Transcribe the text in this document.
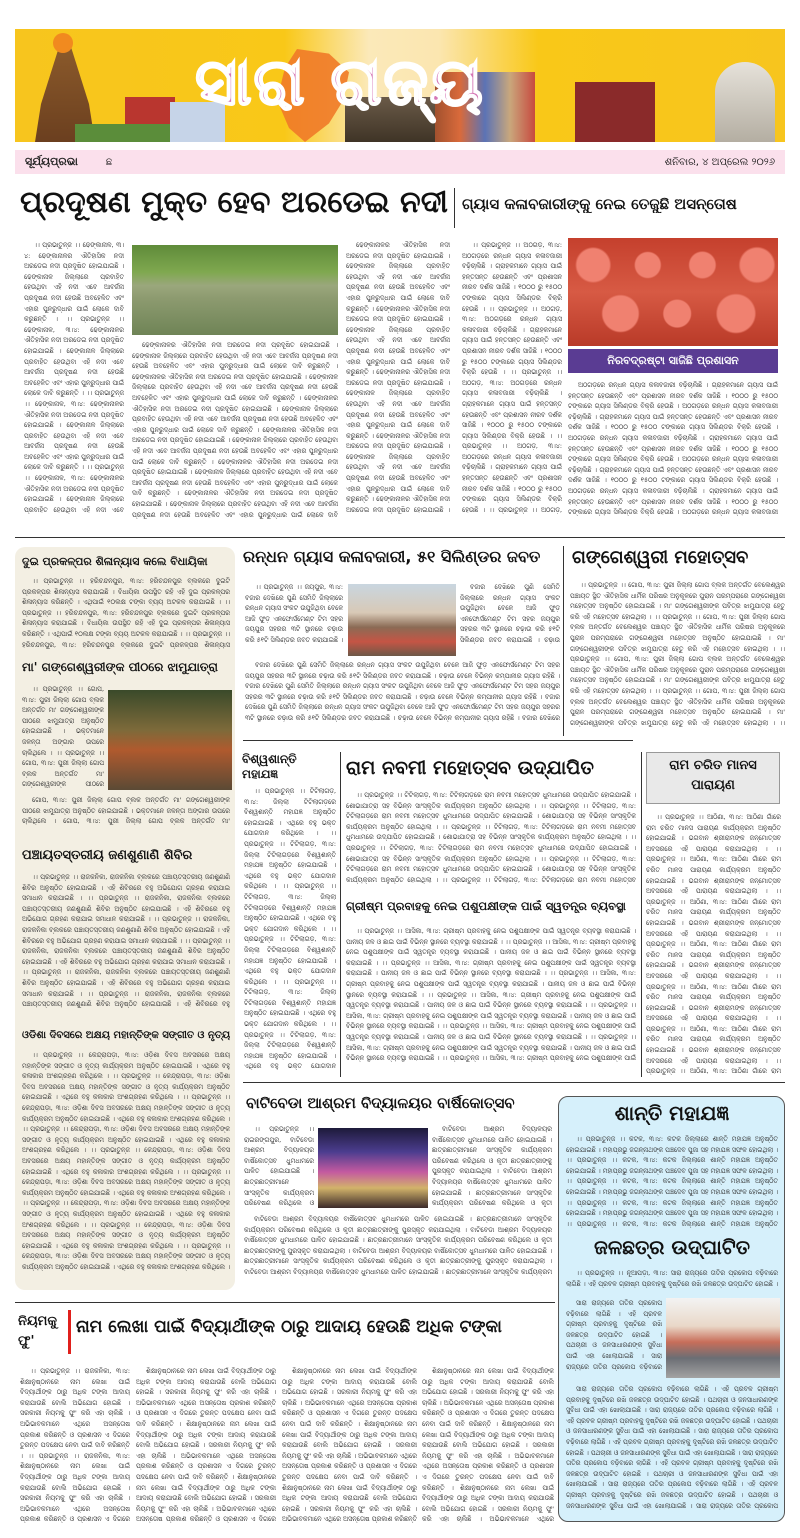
ସାରା ରାଜ୍ୟ
ସୂର୍ଯ୍ୟପ୍ରଭା	ଛ	ଶନିବାର, ୪ ଅପ୍ରେଲ ୨୦୨୬
ପ୍ରଦୂଷଣ ମୁକ୍ତ ହେବ ଅରଡେଇ ନଦୀ

।। ପ୍ରଭାତୁନ୍ଜ ।। ଢେଙ୍କାନାଳ, ୩।୪: ଢେଙ୍କାନାଳର ଐତିହାସିକ ନଦୀ ଅରଡେଇ ନଦୀ ପ୍ରଦୂଷିତ ହୋଇଯାଇଛି । ଢେଙ୍କାନାଳ ଜିଲ୍ଲାରେ ପ୍ରବାହିତ ହେଉଥିବା ଏହି ନଦୀ ଏବେ ଆବର୍ଜନା ପ୍ରଦୂଷଣ ନଦୀ ହେଉଛି ଅବହେଳିତ ଏବଂ ଏହାର ପୁନରୁଦ୍ଧାର ପାଇଁ ଲୋକେ ଦାବି କରୁଛନ୍ତି । ।। ପ୍ରଭାତୁନ୍ଜ ।। ଢେଙ୍କାନାଳ, ୩।୪: ଢେଙ୍କାନାଳର ଐତିହାସିକ ନଦୀ ଅରଡେଇ ନଦୀ ପ୍ରଦୂଷିତ ହୋଇଯାଇଛି । ଢେଙ୍କାନାଳ ଜିଲ୍ଲାରେ ପ୍ରବାହିତ ହେଉଥିବା ଏହି ନଦୀ ଏବେ ଆବର୍ଜନା ପ୍ରଦୂଷଣ ନଦୀ ହେଉଛି ଅବହେଳିତ ଏବଂ ଏହାର ପୁନରୁଦ୍ଧାର ପାଇଁ ଲୋକେ ଦାବି କରୁଛନ୍ତି । ।। ପ୍ରଭାତୁନ୍ଜ ।। ଢେଙ୍କାନାଳ, ୩।୪: ଢେଙ୍କାନାଳର ଐତିହାସିକ ନଦୀ ଅରଡେଇ ନଦୀ ପ୍ରଦୂଷିତ ହୋଇଯାଇଛି । ଢେଙ୍କାନାଳ ଜିଲ୍ଲାରେ ପ୍ରବାହିତ ହେଉଥିବା ଏହି ନଦୀ ଏବେ ଆବର୍ଜନା ପ୍ରଦୂଷଣ ନଦୀ ହେଉଛି ଅବହେଳିତ ଏବଂ ଏହାର ପୁନରୁଦ୍ଧାର ପାଇଁ ଲୋକେ ଦାବି କରୁଛନ୍ତି । ।। ପ୍ରଭାତୁନ୍ଜ ।। ଢେଙ୍କାନାଳ, ୩।୪: ଢେଙ୍କାନାଳର ଐତିହାସିକ ନଦୀ ଅରଡେଇ ନଦୀ ପ୍ରଦୂଷିତ ହୋଇଯାଇଛି । ଢେଙ୍କାନାଳ ଜିଲ୍ଲାରେ ପ୍ରବାହିତ ହେଉଥିବା ଏହି ନଦୀ ଏବେ

ଢେଙ୍କାନାଳର ଐତିହାସିକ ନଦୀ ଅରଡେଇ ନଦୀ ପ୍ରଦୂଷିତ ହୋଇଯାଇଛି । ଢେଙ୍କାନାଳ ଜିଲ୍ଲାରେ ପ୍ରବାହିତ ହେଉଥିବା ଏହି ନଦୀ ଏବେ ଆବର୍ଜନା ପ୍ରଦୂଷଣ ନଦୀ ହେଉଛି ଅବହେଳିତ ଏବଂ ଏହାର ପୁନରୁଦ୍ଧାର ପାଇଁ ଲୋକେ ଦାବି କରୁଛନ୍ତି । ଢେଙ୍କାନାଳର ଐତିହାସିକ ନଦୀ ଅରଡେଇ ନଦୀ ପ୍ରଦୂଷିତ ହୋଇଯାଇଛି । ଢେଙ୍କାନାଳ ଜିଲ୍ଲାରେ ପ୍ରବାହିତ ହେଉଥିବା ଏହି ନଦୀ ଏବେ ଆବର୍ଜନା ପ୍ରଦୂଷଣ ନଦୀ ହେଉଛି ଅବହେଳିତ ଏବଂ ଏହାର ପୁନରୁଦ୍ଧାର ପାଇଁ ଲୋକେ ଦାବି କରୁଛନ୍ତି । ଢେଙ୍କାନାଳର ଐତିହାସିକ ନଦୀ ଅରଡେଇ ନଦୀ ପ୍ରଦୂଷିତ ହୋଇଯାଇଛି । ଢେଙ୍କାନାଳ ଜିଲ୍ଲାରେ ପ୍ରବାହିତ ହେଉଥିବା ଏହି ନଦୀ ଏବେ ଆବର୍ଜନା ପ୍ରଦୂଷଣ ନଦୀ ହେଉଛି ଅବହେଳିତ ଏବଂ ଏହାର ପୁନରୁଦ୍ଧାର ପାଇଁ ଲୋକେ ଦାବି କରୁଛନ୍ତି । ଢେଙ୍କାନାଳର ଐତିହାସିକ ନଦୀ ଅରଡେଇ ନଦୀ ପ୍ରଦୂଷିତ ହୋଇଯାଇଛି । ଢେଙ୍କାନାଳ ଜିଲ୍ଲାରେ ପ୍ରବାହିତ ହେଉଥିବା ଏହି ନଦୀ ଏବେ ଆବର୍ଜନା ପ୍ରଦୂଷଣ ନଦୀ ହେଉଛି ଅବହେଳିତ ଏବଂ ଏହାର ପୁନରୁଦ୍ଧାର ପାଇଁ ଲୋକେ ଦାବି କରୁଛନ୍ତି । ଢେଙ୍କାନାଳର ଐତିହାସିକ ନଦୀ ଅରଡେଇ ନଦୀ ପ୍ରଦୂଷିତ ହୋଇଯାଇଛି । ଢେଙ୍କାନାଳ ଜିଲ୍ଲାରେ ପ୍ରବାହିତ ହେଉଥିବା ଏହି ନଦୀ ଏବେ ଆବର୍ଜନା ପ୍ରଦୂଷଣ ନଦୀ ହେଉଛି ଅବହେଳିତ ଏବଂ ଏହାର ପୁନରୁଦ୍ଧାର ପାଇଁ ଲୋକେ ଦାବି କରୁଛନ୍ତି । ଢେଙ୍କାନାଳର ଐତିହାସିକ ନଦୀ ଅରଡେଇ ନଦୀ ପ୍ରଦୂଷିତ ହୋଇଯାଇଛି । ଢେଙ୍କାନାଳ ଜିଲ୍ଲାରେ ପ୍ରବାହିତ ହେଉଥିବା ଏହି ନଦୀ ଏବେ ଆବର୍ଜନା ପ୍ରଦୂଷଣ ନଦୀ ହେଉଛି ଅବହେଳିତ ଏବଂ ଏହାର ପୁନରୁଦ୍ଧାର ପାଇଁ ଲୋକେ ଦାବି

ଢେଙ୍କାନାଳର ଐତିହାସିକ ନଦୀ ଅରଡେଇ ନଦୀ ପ୍ରଦୂଷିତ ହୋଇଯାଇଛି । ଢେଙ୍କାନାଳ ଜିଲ୍ଲାରେ ପ୍ରବାହିତ ହେଉଥିବା ଏହି ନଦୀ ଏବେ ଆବର୍ଜନା ପ୍ରଦୂଷଣ ନଦୀ ହେଉଛି ଅବହେଳିତ ଏବଂ ଏହାର ପୁନରୁଦ୍ଧାର ପାଇଁ ଲୋକେ ଦାବି କରୁଛନ୍ତି । ଢେଙ୍କାନାଳର ଐତିହାସିକ ନଦୀ ଅରଡେଇ ନଦୀ ପ୍ରଦୂଷିତ ହୋଇଯାଇଛି । ଢେଙ୍କାନାଳ ଜିଲ୍ଲାରେ ପ୍ରବାହିତ ହେଉଥିବା ଏହି ନଦୀ ଏବେ ଆବର୍ଜନା ପ୍ରଦୂଷଣ ନଦୀ ହେଉଛି ଅବହେଳିତ ଏବଂ ଏହାର ପୁନରୁଦ୍ଧାର ପାଇଁ ଲୋକେ ଦାବି କରୁଛନ୍ତି । ଢେଙ୍କାନାଳର ଐତିହାସିକ ନଦୀ ଅରଡେଇ ନଦୀ ପ୍ରଦୂଷିତ ହୋଇଯାଇଛି । ଢେଙ୍କାନାଳ ଜିଲ୍ଲାରେ ପ୍ରବାହିତ ହେଉଥିବା ଏହି ନଦୀ ଏବେ ଆବର୍ଜନା ପ୍ରଦୂଷଣ ନଦୀ ହେଉଛି ଅବହେଳିତ ଏବଂ ଏହାର ପୁନରୁଦ୍ଧାର ପାଇଁ ଲୋକେ ଦାବି କରୁଛନ୍ତି । ଢେଙ୍କାନାଳର ଐତିହାସିକ ନଦୀ ଅରଡେଇ ନଦୀ ପ୍ରଦୂଷିତ ହୋଇଯାଇଛି । ଢେଙ୍କାନାଳ ଜିଲ୍ଲାରେ ପ୍ରବାହିତ ହେଉଥିବା ଏହି ନଦୀ ଏବେ ଆବର୍ଜନା ପ୍ରଦୂଷଣ ନଦୀ ହେଉଛି ଅବହେଳିତ ଏବଂ ଏହାର ପୁନରୁଦ୍ଧାର ପାଇଁ ଲୋକେ ଦାବି କରୁଛନ୍ତି । ଢେଙ୍କାନାଳର ଐତିହାସିକ ନଦୀ ଅରଡେଇ ନଦୀ ପ୍ରଦୂଷିତ ହୋଇଯାଇଛି ।

ଗ୍ୟାସ କଳାବଜାରୀଙ୍କୁ ନେଇ ତେଜୁଛି ଅସନ୍ତୋଷ

।। ପ୍ରଭାତୁନ୍ଜ ।। ଅଠଗଡ଼, ୩।୪: ଅଠଗଡ଼ରେ ରନ୍ଧନ ଗ୍ୟାସ କଳାବଜାରୀ ବଢ଼ିଚାଲିଛି । ଗ୍ରାହକମାନେ ଗ୍ୟାସ ପାଇଁ ହନ୍ତସନ୍ତ ହେଉଛନ୍ତି ଏବଂ ପ୍ରଶାସନ ନୀରବ ଦର୍ଶକ ସାଜିଛି । ୧୦୦୦ ରୁ ୧୫୦୦ ଟଙ୍କାରେ ଗ୍ୟାସ ସିଲିଣ୍ଡର ବିକ୍ରି ହେଉଛି । ।। ପ୍ରଭାତୁନ୍ଜ ।। ଅଠଗଡ଼, ୩।୪: ଅଠଗଡ଼ରେ ରନ୍ଧନ ଗ୍ୟାସ କଳାବଜାରୀ ବଢ଼ିଚାଲିଛି । ଗ୍ରାହକମାନେ ଗ୍ୟାସ ପାଇଁ ହନ୍ତସନ୍ତ ହେଉଛନ୍ତି ଏବଂ ପ୍ରଶାସନ ନୀରବ ଦର୍ଶକ ସାଜିଛି । ୧୦୦୦ ରୁ ୧୫୦୦ ଟଙ୍କାରେ ଗ୍ୟାସ ସିଲିଣ୍ଡର ବିକ୍ରି ହେଉଛି । ।। ପ୍ରଭାତୁନ୍ଜ ।। ଅଠଗଡ଼, ୩।୪: ଅଠଗଡ଼ରେ ରନ୍ଧନ ଗ୍ୟାସ କଳାବଜାରୀ ବଢ଼ିଚାଲିଛି । ଗ୍ରାହକମାନେ ଗ୍ୟାସ ପାଇଁ ହନ୍ତସନ୍ତ ହେଉଛନ୍ତି ଏବଂ ପ୍ରଶାସନ ନୀରବ ଦର୍ଶକ ସାଜିଛି । ୧୦୦୦ ରୁ ୧୫୦୦ ଟଙ୍କାରେ ଗ୍ୟାସ ସିଲିଣ୍ଡର ବିକ୍ରି ହେଉଛି । ।। ପ୍ରଭାତୁନ୍ଜ ।। ଅଠଗଡ଼, ୩।୪: ଅଠଗଡ଼ରେ ରନ୍ଧନ ଗ୍ୟାସ କଳାବଜାରୀ ବଢ଼ିଚାଲିଛି । ଗ୍ରାହକମାନେ ଗ୍ୟାସ ପାଇଁ ହନ୍ତସନ୍ତ ହେଉଛନ୍ତି ଏବଂ ପ୍ରଶାସନ ନୀରବ ଦର୍ଶକ ସାଜିଛି । ୧୦୦୦ ରୁ ୧୫୦୦ ଟଙ୍କାରେ ଗ୍ୟାସ ସିଲିଣ୍ଡର ବିକ୍ରି ହେଉଛି । ।। ପ୍ରଭାତୁନ୍ଜ ।। ଅଠଗଡ଼,

ନିରବଦ୍ରଷ୍ଟା ସାଜିଛି ପ୍ରଶାସନ

ଅଠଗଡ଼ରେ ରନ୍ଧନ ଗ୍ୟାସ କଳାବଜାରୀ ବଢ଼ିଚାଲିଛି । ଗ୍ରାହକମାନେ ଗ୍ୟାସ ପାଇଁ ହନ୍ତସନ୍ତ ହେଉଛନ୍ତି ଏବଂ ପ୍ରଶାସନ ନୀରବ ଦର୍ଶକ ସାଜିଛି । ୧୦୦୦ ରୁ ୧୫୦୦ ଟଙ୍କାରେ ଗ୍ୟାସ ସିଲିଣ୍ଡର ବିକ୍ରି ହେଉଛି । ଅଠଗଡ଼ରେ ରନ୍ଧନ ଗ୍ୟାସ କଳାବଜାରୀ ବଢ଼ିଚାଲିଛି । ଗ୍ରାହକମାନେ ଗ୍ୟାସ ପାଇଁ ହନ୍ତସନ୍ତ ହେଉଛନ୍ତି ଏବଂ ପ୍ରଶାସନ ନୀରବ ଦର୍ଶକ ସାଜିଛି । ୧୦୦୦ ରୁ ୧୫୦୦ ଟଙ୍କାରେ ଗ୍ୟାସ ସିଲିଣ୍ଡର ବିକ୍ରି ହେଉଛି । ଅଠଗଡ଼ରେ ରନ୍ଧନ ଗ୍ୟାସ କଳାବଜାରୀ ବଢ଼ିଚାଲିଛି । ଗ୍ରାହକମାନେ ଗ୍ୟାସ ପାଇଁ ହନ୍ତସନ୍ତ ହେଉଛନ୍ତି ଏବଂ ପ୍ରଶାସନ ନୀରବ ଦର୍ଶକ ସାଜିଛି । ୧୦୦୦ ରୁ ୧୫୦୦ ଟଙ୍କାରେ ଗ୍ୟାସ ସିଲିଣ୍ଡର ବିକ୍ରି ହେଉଛି । ଅଠଗଡ଼ରେ ରନ୍ଧନ ଗ୍ୟାସ କଳାବଜାରୀ ବଢ଼ିଚାଲିଛି । ଗ୍ରାହକମାନେ ଗ୍ୟାସ ପାଇଁ ହନ୍ତସନ୍ତ ହେଉଛନ୍ତି ଏବଂ ପ୍ରଶାସନ ନୀରବ ଦର୍ଶକ ସାଜିଛି । ୧୦୦୦ ରୁ ୧୫୦୦ ଟଙ୍କାରେ ଗ୍ୟାସ ସିଲିଣ୍ଡର ବିକ୍ରି ହେଉଛି । ଅଠଗଡ଼ରେ ରନ୍ଧନ ଗ୍ୟାସ କଳାବଜାରୀ ବଢ଼ିଚାଲିଛି । ଗ୍ରାହକମାନେ ଗ୍ୟାସ ପାଇଁ ହନ୍ତସନ୍ତ ହେଉଛନ୍ତି ଏବଂ ପ୍ରଶାସନ ନୀରବ ଦର୍ଶକ ସାଜିଛି । ୧୦୦୦ ରୁ ୧୫୦୦ ଟଙ୍କାରେ ଗ୍ୟାସ ସିଲିଣ୍ଡର ବିକ୍ରି ହେଉଛି । ଅଠଗଡ଼ରେ ରନ୍ଧନ ଗ୍ୟାସ କଳାବଜାରୀ

ଦୁଇ ପ୍ରକଳ୍ପର ଶିଳାନ୍ୟାସ କଲେ ବିଧାୟିକା

।। ପ୍ରଭାତୁନ୍ଜ ।। ହରିଚନ୍ଦନପୁର, ୩।୪: ହରିଚନ୍ଦନପୁର ବ୍ଲକରେ ଦୁଇଟି ପ୍ରକଳ୍ପର ଶିଳାନ୍ୟାସ କରାଯାଇଛି । ବିଧାୟିକା ଉପସ୍ଥିତ ରହି ଏହି ଦୁଇ ପ୍ରକଳ୍ପର ଶିଳାନ୍ୟାସ କରିଛନ୍ତି । ଏଥିପାଇଁ ୧୦ଲକ୍ଷ ଟଙ୍କା ବ୍ୟୟ ଅଟକଳ କରାଯାଇଛି । ।। ପ୍ରଭାତୁନ୍ଜ ।। ହରିଚନ୍ଦନପୁର, ୩।୪: ହରିଚନ୍ଦନପୁର ବ୍ଲକରେ ଦୁଇଟି ପ୍ରକଳ୍ପର ଶିଳାନ୍ୟାସ କରାଯାଇଛି । ବିଧାୟିକା ଉପସ୍ଥିତ ରହି ଏହି ଦୁଇ ପ୍ରକଳ୍ପର ଶିଳାନ୍ୟାସ କରିଛନ୍ତି । ଏଥିପାଇଁ ୧୦ଲକ୍ଷ ଟଙ୍କା ବ୍ୟୟ ଅଟକଳ କରାଯାଇଛି । ।। ପ୍ରଭାତୁନ୍ଜ ।। ହରିଚନ୍ଦନପୁର, ୩।୪: ହରିଚନ୍ଦନପୁର ବ୍ଲକରେ ଦୁଇଟି ପ୍ରକଳ୍ପର ଶିଳାନ୍ୟାସ

ମା' ଗଙ୍ଗେଶ୍ୱରୀଙ୍କ ପୀଠରେ ଝାମୁଯାତ୍ରା

।। ପ୍ରଭାତୁନ୍ଜ ।। ଗୋପ, ୩।୪: ପୁରୀ ଜିଲ୍ଲା ଗୋପ ବ୍ଲକ ଅନ୍ତର୍ଗତ ମା' ଗଙ୍ଗେଶ୍ୱରୀଙ୍କ ପୀଠରେ ଝାମୁଯାତ୍ରା ଅନୁଷ୍ଠିତ ହୋଇଯାଇଛି । ଭକ୍ତମାନେ ଜଳନ୍ତା ଅଙ୍ଗାର ଉପରେ ଚାଲିଥିଲେ । ।। ପ୍ରଭାତୁନ୍ଜ ।। ଗୋପ, ୩।୪: ପୁରୀ ଜିଲ୍ଲା ଗୋପ ବ୍ଲକ ଅନ୍ତର୍ଗତ ମା' ଗଙ୍ଗେଶ୍ୱରୀଙ୍କ ପୀଠରେ

ଗୋପ, ୩।୪: ପୁରୀ ଜିଲ୍ଲା ଗୋପ ବ୍ଲକ ଅନ୍ତର୍ଗତ ମା' ଗଙ୍ଗେଶ୍ୱରୀଙ୍କ ପୀଠରେ ଝାମୁଯାତ୍ରା ଅନୁଷ୍ଠିତ ହୋଇଯାଇଛି । ଭକ୍ତମାନେ ଜଳନ୍ତା ଅଙ୍ଗାର ଉପରେ ଚାଲିଥିଲେ । ଗୋପ, ୩।୪: ପୁରୀ ଜିଲ୍ଲା ଗୋପ ବ୍ଲକ ଅନ୍ତର୍ଗତ ମା'

ପଞ୍ଚାୟତସ୍ତରୀୟ ଜଣଶୁଣାଣି ଶିବିର

।। ପ୍ରଭାତୁନ୍ଜ ।। ରାଜକନିକା, ରାଜକନିକା ବ୍ଲକରେ ପଞ୍ଚାୟତସ୍ତରୀୟ ଜଣଶୁଣାଣି ଶିବିର ଅନୁଷ୍ଠିତ ହୋଇଯାଇଛି । ଏହି ଶିବିରରେ ବହୁ ଅଭିଯୋଗ ଗ୍ରହଣ କରାଯାଇ ସମାଧାନ କରାଯାଇଛି । ।। ପ୍ରଭାତୁନ୍ଜ ।। ରାଜକନିକା, ରାଜକନିକା ବ୍ଲକରେ ପଞ୍ଚାୟତସ୍ତରୀୟ ଜଣଶୁଣାଣି ଶିବିର ଅନୁଷ୍ଠିତ ହୋଇଯାଇଛି । ଏହି ଶିବିରରେ ବହୁ ଅଭିଯୋଗ ଗ୍ରହଣ କରାଯାଇ ସମାଧାନ କରାଯାଇଛି । ।। ପ୍ରଭାତୁନ୍ଜ ।। ରାଜକନିକା, ରାଜକନିକା ବ୍ଲକରେ ପଞ୍ଚାୟତସ୍ତରୀୟ ଜଣଶୁଣାଣି ଶିବିର ଅନୁଷ୍ଠିତ ହୋଇଯାଇଛି । ଏହି ଶିବିରରେ ବହୁ ଅଭିଯୋଗ ଗ୍ରହଣ କରାଯାଇ ସମାଧାନ କରାଯାଇଛି । ।। ପ୍ରଭାତୁନ୍ଜ ।। ରାଜକନିକା, ରାଜକନିକା ବ୍ଲକରେ ପଞ୍ଚାୟତସ୍ତରୀୟ ଜଣଶୁଣାଣି ଶିବିର ଅନୁଷ୍ଠିତ ହୋଇଯାଇଛି । ଏହି ଶିବିରରେ ବହୁ ଅଭିଯୋଗ ଗ୍ରହଣ କରାଯାଇ ସମାଧାନ କରାଯାଇଛି । ।। ପ୍ରଭାତୁନ୍ଜ ।। ରାଜକନିକା, ରାଜକନିକା ବ୍ଲକରେ ପଞ୍ଚାୟତସ୍ତରୀୟ ଜଣଶୁଣାଣି ଶିବିର ଅନୁଷ୍ଠିତ ହୋଇଯାଇଛି । ଏହି ଶିବିରରେ ବହୁ ଅଭିଯୋଗ ଗ୍ରହଣ କରାଯାଇ ସମାଧାନ କରାଯାଇଛି । ।। ପ୍ରଭାତୁନ୍ଜ ।। ରାଜକନିକା, ରାଜକନିକା ବ୍ଲକରେ ପଞ୍ଚାୟତସ୍ତରୀୟ ଜଣଶୁଣାଣି ଶିବିର ଅନୁଷ୍ଠିତ ହୋଇଯାଇଛି । ଏହି ଶିବିରରେ ବହୁ

ଓଡିଶା ଦିବସରେ ଅକ୍ଷୟ ମହାନ୍ତିଙ୍କ ସଙ୍ଗୀତ ଓ ନୃତ୍ୟ

।। ପ୍ରଭାତୁନ୍ଜ ।। କେନ୍ଦ୍ରାପଡ଼ା, ୩।୪: ଓଡ଼ିଶା ଦିବସ ଅବସରରେ ଅକ୍ଷୟ ମହାନ୍ତିଙ୍କ ସଙ୍ଗୀତ ଓ ନୃତ୍ୟ କାର୍ଯ୍ୟକ୍ରମ ଅନୁଷ୍ଠିତ ହୋଇଯାଇଛି । ଏଥିରେ ବହୁ କଳାକାର ଅଂଶଗ୍ରହଣ କରିଥିଲେ । ।। ପ୍ରଭାତୁନ୍ଜ ।। କେନ୍ଦ୍ରାପଡ଼ା, ୩।୪: ଓଡ଼ିଶା ଦିବସ ଅବସରରେ ଅକ୍ଷୟ ମହାନ୍ତିଙ୍କ ସଙ୍ଗୀତ ଓ ନୃତ୍ୟ କାର୍ଯ୍ୟକ୍ରମ ଅନୁଷ୍ଠିତ ହୋଇଯାଇଛି । ଏଥିରେ ବହୁ କଳାକାର ଅଂଶଗ୍ରହଣ କରିଥିଲେ । ।। ପ୍ରଭାତୁନ୍ଜ ।। କେନ୍ଦ୍ରାପଡ଼ା, ୩।୪: ଓଡ଼ିଶା ଦିବସ ଅବସରରେ ଅକ୍ଷୟ ମହାନ୍ତିଙ୍କ ସଙ୍ଗୀତ ଓ ନୃତ୍ୟ କାର୍ଯ୍ୟକ୍ରମ ଅନୁଷ୍ଠିତ ହୋଇଯାଇଛି । ଏଥିରେ ବହୁ କଳାକାର ଅଂଶଗ୍ରହଣ କରିଥିଲେ । ।। ପ୍ରଭାତୁନ୍ଜ ।। କେନ୍ଦ୍ରାପଡ଼ା, ୩।୪: ଓଡ଼ିଶା ଦିବସ ଅବସରରେ ଅକ୍ଷୟ ମହାନ୍ତିଙ୍କ ସଙ୍ଗୀତ ଓ ନୃତ୍ୟ କାର୍ଯ୍ୟକ୍ରମ ଅନୁଷ୍ଠିତ ହୋଇଯାଇଛି । ଏଥିରେ ବହୁ କଳାକାର ଅଂଶଗ୍ରହଣ କରିଥିଲେ । ।। ପ୍ରଭାତୁନ୍ଜ ।। କେନ୍ଦ୍ରାପଡ଼ା, ୩।୪: ଓଡ଼ିଶା ଦିବସ ଅବସରରେ ଅକ୍ଷୟ ମହାନ୍ତିଙ୍କ ସଙ୍ଗୀତ ଓ ନୃତ୍ୟ କାର୍ଯ୍ୟକ୍ରମ ଅନୁଷ୍ଠିତ ହୋଇଯାଇଛି । ଏଥିରେ ବହୁ କଳାକାର ଅଂଶଗ୍ରହଣ କରିଥିଲେ । ।। ପ୍ରଭାତୁନ୍ଜ ।। କେନ୍ଦ୍ରାପଡ଼ା, ୩।୪: ଓଡ଼ିଶା ଦିବସ ଅବସରରେ ଅକ୍ଷୟ ମହାନ୍ତିଙ୍କ ସଙ୍ଗୀତ ଓ ନୃତ୍ୟ କାର୍ଯ୍ୟକ୍ରମ ଅନୁଷ୍ଠିତ ହୋଇଯାଇଛି । ଏଥିରେ ବହୁ କଳାକାର ଅଂଶଗ୍ରହଣ କରିଥିଲେ । ।। ପ୍ରଭାତୁନ୍ଜ ।। କେନ୍ଦ୍ରାପଡ଼ା, ୩।୪: ଓଡ଼ିଶା ଦିବସ ଅବସରରେ ଅକ୍ଷୟ ମହାନ୍ତିଙ୍କ ସଙ୍ଗୀତ ଓ ନୃତ୍ୟ କାର୍ଯ୍ୟକ୍ରମ ଅନୁଷ୍ଠିତ ହୋଇଯାଇଛି । ଏଥିରେ ବହୁ କଳାକାର ଅଂଶଗ୍ରହଣ କରିଥିଲେ । ।। ପ୍ରଭାତୁନ୍ଜ ।। କେନ୍ଦ୍ରାପଡ଼ା, ୩।୪: ଓଡ଼ିଶା ଦିବସ ଅବସରରେ ଅକ୍ଷୟ ମହାନ୍ତିଙ୍କ ସଙ୍ଗୀତ ଓ ନୃତ୍ୟ କାର୍ଯ୍ୟକ୍ରମ ଅନୁଷ୍ଠିତ ହୋଇଯାଇଛି । ଏଥିରେ ବହୁ କଳାକାର ଅଂଶଗ୍ରହଣ କରିଥିଲେ । ।। ପ୍ରଭାତୁନ୍ଜ ।। କେନ୍ଦ୍ରାପଡ଼ା, ୩।୪: ଓଡ଼ିଶା ଦିବସ ଅବସରରେ ଅକ୍ଷୟ ମହାନ୍ତିଙ୍କ ସଙ୍ଗୀତ ଓ ନୃତ୍ୟ କାର୍ଯ୍ୟକ୍ରମ ଅନୁଷ୍ଠିତ ହୋଇଯାଇଛି । ଏଥିରେ ବହୁ କଳାକାର ଅଂଶଗ୍ରହଣ କରିଥିଲେ ।

ରନ୍ଧନ ଗ୍ୟାସ କଳାବଜାରୀ, ୫୧ ସିଲିଣ୍ଡର ଜବତ

।। ପ୍ରଭାତୁନ୍ଜ ।। ଜୟପୁର, ୩।୪: ବଜାର ଦେଖିରେ ପୁଣି ସେମିତି ଜିଲ୍ଲାରେ ରନ୍ଧନ ଗ୍ୟାସ ସଂକଟ ଉପୁଜିଥିବା ବେଳେ ଆଜି ଫୁଡ଼ ଏନଫୋର୍ସମେଣ୍ଟ ଟିମ ସହର ଜୟପୁର ସହରର ୩ଟି ସ୍ଥାନରେ ଚଢ଼ାଉ କରି ୫୧ଟି ସିଲିଣ୍ଡର ଜବତ କରାଯାଇଛି ।

ବଜାର ଦେଖିରେ ପୁଣି ସେମିତି ଜିଲ୍ଲାରେ ରନ୍ଧନ ଗ୍ୟାସ ସଂକଟ ଉପୁଜିଥିବା ବେଳେ ଆଜି ଫୁଡ଼ ଏନଫୋର୍ସମେଣ୍ଟ ଟିମ ସହର ଜୟପୁର ସହରର ୩ଟି ସ୍ଥାନରେ ଚଢ଼ାଉ କରି ୫୧ଟି ସିଲିଣ୍ଡର ଜବତ କରାଯାଇଛି । ଚଢ଼ାଉ

ବଜାର ଦେଖିରେ ପୁଣି ସେମିତି ଜିଲ୍ଲାରେ ରନ୍ଧନ ଗ୍ୟାସ ସଂକଟ ଉପୁଜିଥିବା ବେଳେ ଆଜି ଫୁଡ଼ ଏନଫୋର୍ସମେଣ୍ଟ ଟିମ ସହର ଜୟପୁର ସହରର ୩ଟି ସ୍ଥାନରେ ଚଢ଼ାଉ କରି ୫୧ଟି ସିଲିଣ୍ଡର ଜବତ କରାଯାଇଛି । ଚଢ଼ାଉ ବେଳେ ବିଭିନ୍ନ କମ୍ପାନୀର ଗ୍ୟାସ ରହିଛି । ବଜାର ଦେଖିରେ ପୁଣି ସେମିତି ଜିଲ୍ଲାରେ ରନ୍ଧନ ଗ୍ୟାସ ସଂକଟ ଉପୁଜିଥିବା ବେଳେ ଆଜି ଫୁଡ଼ ଏନଫୋର୍ସମେଣ୍ଟ ଟିମ ସହର ଜୟପୁର ସହରର ୩ଟି ସ୍ଥାନରେ ଚଢ଼ାଉ କରି ୫୧ଟି ସିଲିଣ୍ଡର ଜବତ କରାଯାଇଛି । ଚଢ଼ାଉ ବେଳେ ବିଭିନ୍ନ କମ୍ପାନୀର ଗ୍ୟାସ ରହିଛି । ବଜାର ଦେଖିରେ ପୁଣି ସେମିତି ଜିଲ୍ଲାରେ ରନ୍ଧନ ଗ୍ୟାସ ସଂକଟ ଉପୁଜିଥିବା ବେଳେ ଆଜି ଫୁଡ଼ ଏନଫୋର୍ସମେଣ୍ଟ ଟିମ ସହର ଜୟପୁର ସହରର ୩ଟି ସ୍ଥାନରେ ଚଢ଼ାଉ କରି ୫୧ଟି ସିଲିଣ୍ଡର ଜବତ କରାଯାଇଛି । ଚଢ଼ାଉ ବେଳେ ବିଭିନ୍ନ କମ୍ପାନୀର ଗ୍ୟାସ ରହିଛି । ବଜାର ଦେଖିରେ

ଗଙ୍ଗେଶ୍ୱରୀ ମହୋତ୍ସବ

।। ପ୍ରଭାତୁନ୍ଜ ।। ଗୋପ, ୩।୪: ପୁରୀ ଜିଲ୍ଲା ଗୋପ ବ୍ଲକ ଅନ୍ତର୍ଗତ ବେଲେଶ୍ୱର ପଞ୍ଚାୟତ ସ୍ଥିତ ଐତିହାସିକ ଧାର୍ମିକ ପରିଷର ଅନୁକୂଳରେ ପୁରାନ ପରମ୍ପରାରେ ଗଙ୍ଗେଶ୍ୱରୀ ମହୋତ୍ସବ ଅନୁଷ୍ଠିତ ହୋଇଯାଇଛି । ମା' ଗଙ୍ଗେଶ୍ୱରୀଙ୍କ ପବିତ୍ର ଝାମୁଯାତ୍ରା ହେତୁ କରି ଏହି ମହୋତ୍ସବ ହୋଇଥିଲା । ।। ପ୍ରଭାତୁନ୍ଜ ।। ଗୋପ, ୩।୪: ପୁରୀ ଜିଲ୍ଲା ଗୋପ ବ୍ଲକ ଅନ୍ତର୍ଗତ ବେଲେଶ୍ୱର ପଞ୍ଚାୟତ ସ୍ଥିତ ଐତିହାସିକ ଧାର୍ମିକ ପରିଷର ଅନୁକୂଳରେ ପୁରାନ ପରମ୍ପରାରେ ଗଙ୍ଗେଶ୍ୱରୀ ମହୋତ୍ସବ ଅନୁଷ୍ଠିତ ହୋଇଯାଇଛି । ମା' ଗଙ୍ଗେଶ୍ୱରୀଙ୍କ ପବିତ୍ର ଝାମୁଯାତ୍ରା ହେତୁ କରି ଏହି ମହୋତ୍ସବ ହୋଇଥିଲା । ।। ପ୍ରଭାତୁନ୍ଜ ।। ଗୋପ, ୩।୪: ପୁରୀ ଜିଲ୍ଲା ଗୋପ ବ୍ଲକ ଅନ୍ତର୍ଗତ ବେଲେଶ୍ୱର ପଞ୍ଚାୟତ ସ୍ଥିତ ଐତିହାସିକ ଧାର୍ମିକ ପରିଷର ଅନୁକୂଳରେ ପୁରାନ ପରମ୍ପରାରେ ଗଙ୍ଗେଶ୍ୱରୀ ମହୋତ୍ସବ ଅନୁଷ୍ଠିତ ହୋଇଯାଇଛି । ମା' ଗଙ୍ଗେଶ୍ୱରୀଙ୍କ ପବିତ୍ର ଝାମୁଯାତ୍ରା ହେତୁ କରି ଏହି ମହୋତ୍ସବ ହୋଇଥିଲା । ।। ପ୍ରଭାତୁନ୍ଜ ।। ଗୋପ, ୩।୪: ପୁରୀ ଜିଲ୍ଲା ଗୋପ ବ୍ଲକ ଅନ୍ତର୍ଗତ ବେଲେଶ୍ୱର ପଞ୍ଚାୟତ ସ୍ଥିତ ଐତିହାସିକ ଧାର୍ମିକ ପରିଷର ଅନୁକୂଳରେ ପୁରାନ ପରମ୍ପରାରେ ଗଙ୍ଗେଶ୍ୱରୀ ମହୋତ୍ସବ ଅନୁଷ୍ଠିତ ହୋଇଯାଇଛି । ମା' ଗଙ୍ଗେଶ୍ୱରୀଙ୍କ ପବିତ୍ର ଝାମୁଯାତ୍ରା ହେତୁ କରି ଏହି ମହୋତ୍ସବ ହୋଇଥିଲା । ।।

ବିଶ୍ୱଶାନ୍ତି ମହାଯଜ୍ଞ

।। ପ୍ରଭାତୁନ୍ଜ ।। ଟିଟିଲାଗଡ଼, ୩।୪: ଜିଲ୍ଲା ଟିଟିଲାଗଡ଼ରେ ବିଶ୍ୱଶାନ୍ତି ମହାଯଜ୍ଞ ଅନୁଷ୍ଠିତ ହୋଇଯାଇଛି । ଏଥିରେ ବହୁ ଭକ୍ତ ଯୋଗଦାନ କରିଥିଲେ । ।। ପ୍ରଭାତୁନ୍ଜ ।। ଟିଟିଲାଗଡ଼, ୩।୪: ଜିଲ୍ଲା ଟିଟିଲାଗଡ଼ରେ ବିଶ୍ୱଶାନ୍ତି ମହାଯଜ୍ଞ ଅନୁଷ୍ଠିତ ହୋଇଯାଇଛି । ଏଥିରେ ବହୁ ଭକ୍ତ ଯୋଗଦାନ କରିଥିଲେ । ।। ପ୍ରଭାତୁନ୍ଜ ।। ଟିଟିଲାଗଡ଼, ୩।୪:	ଜିଲ୍ଲା ଟିଟିଲାଗଡ଼ରେ ବିଶ୍ୱଶାନ୍ତି ମହାଯଜ୍ଞ ଅନୁଷ୍ଠିତ ହୋଇଯାଇଛି । ଏଥିରେ ବହୁ ଭକ୍ତ ଯୋଗଦାନ କରିଥିଲେ । ।। ପ୍ରଭାତୁନ୍ଜ ।। ଟିଟିଲାଗଡ଼, ୩।୪: ଜିଲ୍ଲା ଟିଟିଲାଗଡ଼ରେ ବିଶ୍ୱଶାନ୍ତି ମହାଯଜ୍ଞ ଅନୁଷ୍ଠିତ ହୋଇଯାଇଛି । ଏଥିରେ ବହୁ ଭକ୍ତ ଯୋଗଦାନ କରିଥିଲେ । ।। ପ୍ରଭାତୁନ୍ଜ ।। ଟିଟିଲାଗଡ଼, ୩।୪:	ଜିଲ୍ଲା ଟିଟିଲାଗଡ଼ରେ ବିଶ୍ୱଶାନ୍ତି ମହାଯଜ୍ଞ ଅନୁଷ୍ଠିତ ହୋଇଯାଇଛି । ଏଥିରେ ବହୁ ଭକ୍ତ ଯୋଗଦାନ କରିଥିଲେ । ।। ପ୍ରଭାତୁନ୍ଜ ।। ଟିଟିଲାଗଡ଼, ୩।୪: ଜିଲ୍ଲା ଟିଟିଲାଗଡ଼ରେ ବିଶ୍ୱଶାନ୍ତି ମହାଯଜ୍ଞ ଅନୁଷ୍ଠିତ ହୋଇଯାଇଛି । ଏଥିରେ ବହୁ ଭକ୍ତ ଯୋଗଦାନ

ରାମ ନବମୀ ମହୋତ୍ସବ ଉଦ୍‌ଯାପିତ

।। ପ୍ରଭାତୁନ୍ଜ ।। ଟିଟିଲାଗଡ଼, ୩।୪: ଟିଟିଲାଗଡ଼ରେ ରାମ ନବମୀ ମହୋତ୍ସବ ଧୁମଧାମରେ ଉଦ୍‌ଯାପିତ ହୋଇଯାଇଛି । ଶୋଭାଯାତ୍ରା ସହ ବିଭିନ୍ନ ସାଂସ୍କୃତିକ କାର୍ଯ୍ୟକ୍ରମ ଅନୁଷ୍ଠିତ ହୋଇଥିଲା । ।। ପ୍ରଭାତୁନ୍ଜ ।। ଟିଟିଲାଗଡ଼, ୩।୪: ଟିଟିଲାଗଡ଼ରେ ରାମ ନବମୀ ମହୋତ୍ସବ ଧୁମଧାମରେ ଉଦ୍‌ଯାପିତ ହୋଇଯାଇଛି । ଶୋଭାଯାତ୍ରା ସହ ବିଭିନ୍ନ ସାଂସ୍କୃତିକ କାର୍ଯ୍ୟକ୍ରମ ଅନୁଷ୍ଠିତ ହୋଇଥିଲା । ।। ପ୍ରଭାତୁନ୍ଜ ।। ଟିଟିଲାଗଡ଼, ୩।୪: ଟିଟିଲାଗଡ଼ରେ ରାମ ନବମୀ ମହୋତ୍ସବ ଧୁମଧାମରେ ଉଦ୍‌ଯାପିତ ହୋଇଯାଇଛି । ଶୋଭାଯାତ୍ରା ସହ ବିଭିନ୍ନ ସାଂସ୍କୃତିକ କାର୍ଯ୍ୟକ୍ରମ ଅନୁଷ୍ଠିତ ହୋଇଥିଲା । ।। ପ୍ରଭାତୁନ୍ଜ ।। ଟିଟିଲାଗଡ଼, ୩।୪: ଟିଟିଲାଗଡ଼ରେ ରାମ ନବମୀ ମହୋତ୍ସବ ଧୁମଧାମରେ ଉଦ୍‌ଯାପିତ ହୋଇଯାଇଛି । ଶୋଭାଯାତ୍ରା ସହ ବିଭିନ୍ନ ସାଂସ୍କୃତିକ କାର୍ଯ୍ୟକ୍ରମ ଅନୁଷ୍ଠିତ ହୋଇଥିଲା । ।। ପ୍ରଭାତୁନ୍ଜ ।। ଟିଟିଲାଗଡ଼, ୩।୪: ଟିଟିଲାଗଡ଼ରେ ରାମ ନବମୀ ମହୋତ୍ସବ ଧୁମଧାମରେ ଉଦ୍‌ଯାପିତ ହୋଇଯାଇଛି । ଶୋଭାଯାତ୍ରା ସହ ବିଭିନ୍ନ ସାଂସ୍କୃତିକ କାର୍ଯ୍ୟକ୍ରମ ଅନୁଷ୍ଠିତ ହୋଇଥିଲା । ।। ପ୍ରଭାତୁନ୍ଜ ।। ଟିଟିଲାଗଡ଼, ୩।୪: ଟିଟିଲାଗଡ଼ରେ ରାମ ନବମୀ ମହୋତ୍ସବ

ରାମ ଚରିତ ମାନସ ପାରାୟଣ

।। ପ୍ରଭାତୁନ୍ଜ ।। ଆଠିଣା, ୩।୪: ଆଠିଣା ଗାଁରେ ରାମ ଚରିତ ମାନସ ପାରାୟଣ କାର୍ଯ୍ୟକ୍ରମ ଅନୁଷ୍ଠିତ ହୋଇଯାଇଛି । ଭଗବାନ ଶ୍ରୀରାମଙ୍କ ଜନ୍ମୋତ୍ସବ ଅବସରରେ ଏହି ପାରାୟଣ କରାଯାଇଥିଲା । ।। ପ୍ରଭାତୁନ୍ଜ ।। ଆଠିଣା, ୩।୪: ଆଠିଣା ଗାଁରେ ରାମ ଚରିତ ମାନସ ପାରାୟଣ କାର୍ଯ୍ୟକ୍ରମ ଅନୁଷ୍ଠିତ ହୋଇଯାଇଛି । ଭଗବାନ ଶ୍ରୀରାମଙ୍କ ଜନ୍ମୋତ୍ସବ ଅବସରରେ ଏହି ପାରାୟଣ କରାଯାଇଥିଲା । ।। ପ୍ରଭାତୁନ୍ଜ ।। ଆଠିଣା, ୩।୪: ଆଠିଣା ଗାଁରେ ରାମ ଚରିତ ମାନସ ପାରାୟଣ କାର୍ଯ୍ୟକ୍ରମ ଅନୁଷ୍ଠିତ ହୋଇଯାଇଛି । ଭଗବାନ ଶ୍ରୀରାମଙ୍କ ଜନ୍ମୋତ୍ସବ ଅବସରରେ ଏହି ପାରାୟଣ କରାଯାଇଥିଲା । ।। ପ୍ରଭାତୁନ୍ଜ ।। ଆଠିଣା, ୩।୪: ଆଠିଣା ଗାଁରେ ରାମ ଚରିତ ମାନସ ପାରାୟଣ କାର୍ଯ୍ୟକ୍ରମ ଅନୁଷ୍ଠିତ ହୋଇଯାଇଛି । ଭଗବାନ ଶ୍ରୀରାମଙ୍କ ଜନ୍ମୋତ୍ସବ ଅବସରରେ ଏହି ପାରାୟଣ କରାଯାଇଥିଲା । ।। ପ୍ରଭାତୁନ୍ଜ ।। ଆଠିଣା, ୩।୪: ଆଠିଣା ଗାଁରେ ରାମ ଚରିତ ମାନସ ପାରାୟଣ କାର୍ଯ୍ୟକ୍ରମ ଅନୁଷ୍ଠିତ ହୋଇଯାଇଛି । ଭଗବାନ ଶ୍ରୀରାମଙ୍କ ଜନ୍ମୋତ୍ସବ ଅବସରରେ ଏହି ପାରାୟଣ କରାଯାଇଥିଲା । ।। ପ୍ରଭାତୁନ୍ଜ ।। ଆଠିଣା, ୩।୪: ଆଠିଣା ଗାଁରେ ରାମ ଚରିତ ମାନସ ପାରାୟଣ କାର୍ଯ୍ୟକ୍ରମ ଅନୁଷ୍ଠିତ ହୋଇଯାଇଛି । ଭଗବାନ ଶ୍ରୀରାମଙ୍କ ଜନ୍ମୋତ୍ସବ ଅବସରରେ ଏହି ପାରାୟଣ କରାଯାଇଥିଲା । ।। ପ୍ରଭାତୁନ୍ଜ ।। ଆଠିଣା, ୩।୪: ଆଠିଣା ଗାଁରେ ରାମ

ଗ୍ରୀଷ୍ମ ପ୍ରବାହକୁ ନେଇ ପଶୁପକ୍ଷୀଙ୍କ ପାଇଁ ସ୍ୱତନ୍ତ୍ର ବ୍ୟବସ୍ଥା

।। ପ୍ରଭାତୁନ୍ଜ ।। ଆସିକା, ୩।୪: ଗ୍ରୀଷ୍ମ ପ୍ରବାହକୁ ନେଇ ପଶୁପକ୍ଷୀଙ୍କ ପାଇଁ ସ୍ୱତନ୍ତ୍ର ବ୍ୟବସ୍ଥା କରାଯାଇଛି । ପାନୀୟ ଜଳ ଓ ଛାଇ ପାଇଁ ବିଭିନ୍ନ ସ୍ଥାନରେ ବ୍ୟବସ୍ଥା କରାଯାଇଛି । ।। ପ୍ରଭାତୁନ୍ଜ ।। ଆସିକା, ୩।୪: ଗ୍ରୀଷ୍ମ ପ୍ରବାହକୁ ନେଇ ପଶୁପକ୍ଷୀଙ୍କ ପାଇଁ ସ୍ୱତନ୍ତ୍ର ବ୍ୟବସ୍ଥା କରାଯାଇଛି । ପାନୀୟ ଜଳ ଓ ଛାଇ ପାଇଁ ବିଭିନ୍ନ ସ୍ଥାନରେ ବ୍ୟବସ୍ଥା କରାଯାଇଛି । ।। ପ୍ରଭାତୁନ୍ଜ ।। ଆସିକା, ୩।୪: ଗ୍ରୀଷ୍ମ ପ୍ରବାହକୁ ନେଇ ପଶୁପକ୍ଷୀଙ୍କ ପାଇଁ ସ୍ୱତନ୍ତ୍ର ବ୍ୟବସ୍ଥା କରାଯାଇଛି । ପାନୀୟ ଜଳ ଓ ଛାଇ ପାଇଁ ବିଭିନ୍ନ ସ୍ଥାନରେ ବ୍ୟବସ୍ଥା କରାଯାଇଛି । ।। ପ୍ରଭାତୁନ୍ଜ ।। ଆସିକା, ୩।୪: ଗ୍ରୀଷ୍ମ ପ୍ରବାହକୁ ନେଇ ପଶୁପକ୍ଷୀଙ୍କ ପାଇଁ ସ୍ୱତନ୍ତ୍ର ବ୍ୟବସ୍ଥା କରାଯାଇଛି । ପାନୀୟ ଜଳ ଓ ଛାଇ ପାଇଁ ବିଭିନ୍ନ ସ୍ଥାନରେ ବ୍ୟବସ୍ଥା କରାଯାଇଛି । ।। ପ୍ରଭାତୁନ୍ଜ ।। ଆସିକା, ୩।୪: ଗ୍ରୀଷ୍ମ ପ୍ରବାହକୁ ନେଇ ପଶୁପକ୍ଷୀଙ୍କ ପାଇଁ ସ୍ୱତନ୍ତ୍ର ବ୍ୟବସ୍ଥା କରାଯାଇଛି । ପାନୀୟ ଜଳ ଓ ଛାଇ ପାଇଁ ବିଭିନ୍ନ ସ୍ଥାନରେ ବ୍ୟବସ୍ଥା କରାଯାଇଛି । ।। ପ୍ରଭାତୁନ୍ଜ ।। ଆସିକା, ୩।୪: ଗ୍ରୀଷ୍ମ ପ୍ରବାହକୁ ନେଇ ପଶୁପକ୍ଷୀଙ୍କ ପାଇଁ ସ୍ୱତନ୍ତ୍ର ବ୍ୟବସ୍ଥା କରାଯାଇଛି । ପାନୀୟ ଜଳ ଓ ଛାଇ ପାଇଁ ବିଭିନ୍ନ ସ୍ଥାନରେ ବ୍ୟବସ୍ଥା କରାଯାଇଛି । ।। ପ୍ରଭାତୁନ୍ଜ ।। ଆସିକା, ୩।୪: ଗ୍ରୀଷ୍ମ ପ୍ରବାହକୁ ନେଇ ପଶୁପକ୍ଷୀଙ୍କ ପାଇଁ ସ୍ୱତନ୍ତ୍ର ବ୍ୟବସ୍ଥା କରାଯାଇଛି । ପାନୀୟ ଜଳ ଓ ଛାଇ ପାଇଁ ବିଭିନ୍ନ ସ୍ଥାନରେ ବ୍ୟବସ୍ଥା କରାଯାଇଛି । ।। ପ୍ରଭାତୁନ୍ଜ ।। ଆସିକା, ୩।୪: ଗ୍ରୀଷ୍ମ ପ୍ରବାହକୁ ନେଇ ପଶୁପକ୍ଷୀଙ୍କ ପାଇଁ ସ୍ୱତନ୍ତ୍ର ବ୍ୟବସ୍ଥା କରାଯାଇଛି । ପାନୀୟ ଜଳ ଓ ଛାଇ ପାଇଁ ବିଭିନ୍ନ ସ୍ଥାନରେ ବ୍ୟବସ୍ଥା କରାଯାଇଛି । ।। ପ୍ରଭାତୁନ୍ଜ ।। ଆସିକା, ୩।୪: ଗ୍ରୀଷ୍ମ ପ୍ରବାହକୁ ନେଇ ପଶୁପକ୍ଷୀଙ୍କ ପାଇଁ

ବାଟିବେଡା ଆଶ୍ରମ ବିଦ୍ୟାଳୟର ବାର୍ଷିକୋତ୍ସବ

।। ପ୍ରଭାତୁନ୍ଜ ।। ରାଇରଙ୍ଗପୁର, ବାଟିବେଡା ଆଶ୍ରମ ବିଦ୍ୟାଳୟର ବାର୍ଷିକୋତ୍ସବ ଧୁମଧାମରେ ପାଳିତ ହୋଇଯାଇଛି । ଛାତ୍ରଛାତ୍ରୀମାନେ ସାଂସ୍କୃତିକ କାର୍ଯ୍ୟକ୍ରମ ପରିବେଷଣ କରିଥିଲେ ଓ

ବାଟିବେଡା ଆଶ୍ରମ ବିଦ୍ୟାଳୟର ବାର୍ଷିକୋତ୍ସବ ଧୁମଧାମରେ ପାଳିତ ହୋଇଯାଇଛି । ଛାତ୍ରଛାତ୍ରୀମାନେ ସାଂସ୍କୃତିକ କାର୍ଯ୍ୟକ୍ରମ ପରିବେଷଣ କରିଥିଲେ ଓ କୃତୀ ଛାତ୍ରଛାତ୍ରୀଙ୍କୁ ପୁରସ୍କୃତ କରାଯାଇଥିଲା । ବାଟିବେଡା ଆଶ୍ରମ ବିଦ୍ୟାଳୟର ବାର୍ଷିକୋତ୍ସବ ଧୁମଧାମରେ ପାଳିତ ହୋଇଯାଇଛି । ଛାତ୍ରଛାତ୍ରୀମାନେ ସାଂସ୍କୃତିକ କାର୍ଯ୍ୟକ୍ରମ ପରିବେଷଣ କରିଥିଲେ ଓ କୃତୀ

ବାଟିବେଡା ଆଶ୍ରମ ବିଦ୍ୟାଳୟର ବାର୍ଷିକୋତ୍ସବ ଧୁମଧାମରେ ପାଳିତ ହୋଇଯାଇଛି । ଛାତ୍ରଛାତ୍ରୀମାନେ ସାଂସ୍କୃତିକ କାର୍ଯ୍ୟକ୍ରମ ପରିବେଷଣ କରିଥିଲେ ଓ କୃତୀ ଛାତ୍ରଛାତ୍ରୀଙ୍କୁ ପୁରସ୍କୃତ କରାଯାଇଥିଲା । ବାଟିବେଡା ଆଶ୍ରମ ବିଦ୍ୟାଳୟର ବାର୍ଷିକୋତ୍ସବ ଧୁମଧାମରେ ପାଳିତ ହୋଇଯାଇଛି । ଛାତ୍ରଛାତ୍ରୀମାନେ ସାଂସ୍କୃତିକ କାର୍ଯ୍ୟକ୍ରମ ପରିବେଷଣ କରିଥିଲେ ଓ କୃତୀ ଛାତ୍ରଛାତ୍ରୀଙ୍କୁ ପୁରସ୍କୃତ କରାଯାଇଥିଲା । ବାଟିବେଡା ଆଶ୍ରମ ବିଦ୍ୟାଳୟର ବାର୍ଷିକୋତ୍ସବ ଧୁମଧାମରେ ପାଳିତ ହୋଇଯାଇଛି । ଛାତ୍ରଛାତ୍ରୀମାନେ ସାଂସ୍କୃତିକ କାର୍ଯ୍ୟକ୍ରମ ପରିବେଷଣ କରିଥିଲେ ଓ କୃତୀ ଛାତ୍ରଛାତ୍ରୀଙ୍କୁ ପୁରସ୍କୃତ କରାଯାଇଥିଲା । ବାଟିବେଡା ଆଶ୍ରମ ବିଦ୍ୟାଳୟର ବାର୍ଷିକୋତ୍ସବ ଧୁମଧାମରେ ପାଳିତ ହୋଇଯାଇଛି । ଛାତ୍ରଛାତ୍ରୀମାନେ ସାଂସ୍କୃତିକ କାର୍ଯ୍ୟକ୍ରମ

ଶାନ୍ତି ମହାଯଜ୍ଞ

।। ପ୍ରଭାତୁନ୍ଜ ।। କଟକ, ୩।୪: କଟକ ଜିଲ୍ଲାରେ ଶାନ୍ତି ମହାଯଜ୍ଞ ଅନୁଷ୍ଠିତ ହୋଇଯାଇଛି । ମହାପ୍ରଭୁ ଜଗନ୍ନାଥଙ୍କ ପଞ୍ଚଦେବ ପୁଜା ସହ ମହାଯଜ୍ଞ ସଫଳ ହୋଇଥିଲା । ।। ପ୍ରଭାତୁନ୍ଜ ।। କଟକ, ୩।୪: କଟକ ଜିଲ୍ଲାରେ ଶାନ୍ତି ମହାଯଜ୍ଞ ଅନୁଷ୍ଠିତ ହୋଇଯାଇଛି । ମହାପ୍ରଭୁ ଜଗନ୍ନାଥଙ୍କ ପଞ୍ଚଦେବ ପୁଜା ସହ ମହାଯଜ୍ଞ ସଫଳ ହୋଇଥିଲା । ।। ପ୍ରଭାତୁନ୍ଜ ।। କଟକ, ୩।୪: କଟକ ଜିଲ୍ଲାରେ ଶାନ୍ତି ମହାଯଜ୍ଞ ଅନୁଷ୍ଠିତ ହୋଇଯାଇଛି । ମହାପ୍ରଭୁ ଜଗନ୍ନାଥଙ୍କ ପଞ୍ଚଦେବ ପୁଜା ସହ ମହାଯଜ୍ଞ ସଫଳ ହୋଇଥିଲା । ।। ପ୍ରଭାତୁନ୍ଜ ।। କଟକ, ୩।୪: କଟକ ଜିଲ୍ଲାରେ ଶାନ୍ତି ମହାଯଜ୍ଞ ଅନୁଷ୍ଠିତ ହୋଇଯାଇଛି । ମହାପ୍ରଭୁ ଜଗନ୍ନାଥଙ୍କ ପଞ୍ଚଦେବ ପୁଜା ସହ ମହାଯଜ୍ଞ ସଫଳ ହୋଇଥିଲା । ।। ପ୍ରଭାତୁନ୍ଜ ।। କଟକ, ୩।୪: କଟକ ଜିଲ୍ଲାରେ ଶାନ୍ତି ମହାଯଜ୍ଞ ଅନୁଷ୍ଠିତ

ଜଳଛତ୍ର ଉଦ୍‌ଘାଟିତ

।। ପ୍ରଭାତୁନ୍ଜ ।। ନୂଆପଡ଼ା, ୩।୪: ସାରା ରାଜ୍ୟରେ ତାତିର ପ୍ରକୋପ ବଢ଼ିବାରେ ଲାଗିଛି । ଏହି ପ୍ରବଳ ଗ୍ରୀଷ୍ମ ପ୍ରବାହକୁ ଦୃଷ୍ଟିରେ ରଖି ଜଳଛତ୍ର ଉଦ୍‌ଘାଟିତ ହୋଇଛି ।

ସାରା ରାଜ୍ୟରେ ତାତିର ପ୍ରକୋପ ବଢ଼ିବାରେ ଲାଗିଛି । ଏହି ପ୍ରବଳ ଗ୍ରୀଷ୍ମ ପ୍ରବାହକୁ ଦୃଷ୍ଟିରେ ରଖି ଜଳଛତ୍ର ଉଦ୍‌ଘାଟିତ ହୋଇଛି । ପଥଚାରୀ ଓ ଜନସାଧାରଣଙ୍କ ସୁବିଧା ପାଇଁ ଏହା ଖୋଲାଯାଇଛି । ସାରା ରାଜ୍ୟରେ ତାତିର ପ୍ରକୋପ ବଢ଼ିବାରେ

ସାରା ରାଜ୍ୟରେ ତାତିର ପ୍ରକୋପ ବଢ଼ିବାରେ ଲାଗିଛି । ଏହି ପ୍ରବଳ ଗ୍ରୀଷ୍ମ ପ୍ରବାହକୁ ଦୃଷ୍ଟିରେ ରଖି ଜଳଛତ୍ର ଉଦ୍‌ଘାଟିତ ହୋଇଛି । ପଥଚାରୀ ଓ ଜନସାଧାରଣଙ୍କ ସୁବିଧା ପାଇଁ ଏହା ଖୋଲାଯାଇଛି । ସାରା ରାଜ୍ୟରେ ତାତିର ପ୍ରକୋପ ବଢ଼ିବାରେ ଲାଗିଛି । ଏହି ପ୍ରବଳ ଗ୍ରୀଷ୍ମ ପ୍ରବାହକୁ ଦୃଷ୍ଟିରେ ରଖି ଜଳଛତ୍ର ଉଦ୍‌ଘାଟିତ ହୋଇଛି । ପଥଚାରୀ ଓ ଜନସାଧାରଣଙ୍କ ସୁବିଧା ପାଇଁ ଏହା ଖୋଲାଯାଇଛି । ସାରା ରାଜ୍ୟରେ ତାତିର ପ୍ରକୋପ ବଢ଼ିବାରେ ଲାଗିଛି । ଏହି ପ୍ରବଳ ଗ୍ରୀଷ୍ମ ପ୍ରବାହକୁ ଦୃଷ୍ଟିରେ ରଖି ଜଳଛତ୍ର ଉଦ୍‌ଘାଟିତ ହୋଇଛି । ପଥଚାରୀ ଓ ଜନସାଧାରଣଙ୍କ ସୁବିଧା ପାଇଁ ଏହା ଖୋଲାଯାଇଛି । ସାରା ରାଜ୍ୟରେ ତାତିର ପ୍ରକୋପ ବଢ଼ିବାରେ ଲାଗିଛି । ଏହି ପ୍ରବଳ ଗ୍ରୀଷ୍ମ ପ୍ରବାହକୁ ଦୃଷ୍ଟିରେ ରଖି ଜଳଛତ୍ର ଉଦ୍‌ଘାଟିତ ହୋଇଛି । ପଥଚାରୀ ଓ ଜନସାଧାରଣଙ୍କ ସୁବିଧା ପାଇଁ ଏହା ଖୋଲାଯାଇଛି । ସାରା ରାଜ୍ୟରେ ତାତିର ପ୍ରକୋପ ବଢ଼ିବାରେ ଲାଗିଛି । ଏହି ପ୍ରବଳ ଗ୍ରୀଷ୍ମ ପ୍ରବାହକୁ ଦୃଷ୍ଟିରେ ରଖି ଜଳଛତ୍ର ଉଦ୍‌ଘାଟିତ ହୋଇଛି । ପଥଚାରୀ ଓ ଜନସାଧାରଣଙ୍କ ସୁବିଧା ପାଇଁ ଏହା ଖୋଲାଯାଇଛି । ସାରା ରାଜ୍ୟରେ ତାତିର ପ୍ରକୋପ

ନିୟମକୁ ଫୁ'
ନାମ ଲେଖା ପାଇଁ ବିଦ୍ୟାର୍ଥୀଙ୍କ ଠାରୁ ଆଦାୟ ହେଉଛି ଅଧିକ ଟଙ୍କା

।। ପ୍ରଭାତୁନ୍ଜ ।। ରାଜକନିକା, ୩।୪: ଶିକ୍ଷାନୁଷ୍ଠାନରେ ନାମ ଲେଖା ପାଇଁ ବିଦ୍ୟାର୍ଥୀଙ୍କ ଠାରୁ ଅଧିକ ଟଙ୍କା ଆଦାୟ କରାଯାଉଛି ବୋଲି ଅଭିଯୋଗ ହୋଇଛି । ସରକାରୀ ନିୟମକୁ ଫୁ' କରି ଏହା ଚାଲିଛି । ଅଭିଭାବକମାନେ ଏଥିରେ ଅସନ୍ତୋଷ ପ୍ରକାଶ କରିଛନ୍ତି ଓ ପ୍ରଶାସନ ଏ ଦିଗରେ ତୁରନ୍ତ ପଦକ୍ଷେପ ନେବା ପାଇଁ ଦାବି କରିଛନ୍ତି । ।। ପ୍ରଭାତୁନ୍ଜ ।। ରାଜକନିକା, ୩।୪: ଶିକ୍ଷାନୁଷ୍ଠାନରେ ନାମ ଲେଖା ପାଇଁ ବିଦ୍ୟାର୍ଥୀଙ୍କ ଠାରୁ ଅଧିକ ଟଙ୍କା ଆଦାୟ କରାଯାଉଛି ବୋଲି ଅଭିଯୋଗ ହୋଇଛି । ସରକାରୀ ନିୟମକୁ ଫୁ' କରି ଏହା ଚାଲିଛି । ଅଭିଭାବକମାନେ ଏଥିରେ ଅସନ୍ତୋଷ ପ୍ରକାଶ କରିଛନ୍ତି ଓ ପ୍ରଶାସନ ଏ ଦିଗରେ

ଶିକ୍ଷାନୁଷ୍ଠାନରେ ନାମ ଲେଖା ପାଇଁ ବିଦ୍ୟାର୍ଥୀଙ୍କ ଠାରୁ ଅଧିକ ଟଙ୍କା ଆଦାୟ କରାଯାଉଛି ବୋଲି ଅଭିଯୋଗ ହୋଇଛି । ସରକାରୀ ନିୟମକୁ ଫୁ' କରି ଏହା ଚାଲିଛି । ଅଭିଭାବକମାନେ ଏଥିରେ ଅସନ୍ତୋଷ ପ୍ରକାଶ କରିଛନ୍ତି ଓ ପ୍ରଶାସନ ଏ ଦିଗରେ ତୁରନ୍ତ ପଦକ୍ଷେପ ନେବା ପାଇଁ ଦାବି କରିଛନ୍ତି । ଶିକ୍ଷାନୁଷ୍ଠାନରେ ନାମ ଲେଖା ପାଇଁ ବିଦ୍ୟାର୍ଥୀଙ୍କ ଠାରୁ ଅଧିକ ଟଙ୍କା ଆଦାୟ କରାଯାଉଛି ବୋଲି ଅଭିଯୋଗ ହୋଇଛି । ସରକାରୀ ନିୟମକୁ ଫୁ' କରି ଏହା ଚାଲିଛି । ଅଭିଭାବକମାନେ ଏଥିରେ ଅସନ୍ତୋଷ ପ୍ରକାଶ କରିଛନ୍ତି ଓ ପ୍ରଶାସନ ଏ ଦିଗରେ ତୁରନ୍ତ ପଦକ୍ଷେପ ନେବା ପାଇଁ ଦାବି କରିଛନ୍ତି । ଶିକ୍ଷାନୁଷ୍ଠାନରେ ନାମ ଲେଖା ପାଇଁ ବିଦ୍ୟାର୍ଥୀଙ୍କ ଠାରୁ ଅଧିକ ଟଙ୍କା ଆଦାୟ କରାଯାଉଛି ବୋଲି ଅଭିଯୋଗ ହୋଇଛି । ସରକାରୀ ନିୟମକୁ ଫୁ' କରି ଏହା ଚାଲିଛି । ଅଭିଭାବକମାନେ ଏଥିରେ ଅସନ୍ତୋଷ ପ୍ରକାଶ କରିଛନ୍ତି ଓ ପ୍ରଶାସନ ଏ ଦିଗରେ

ଶିକ୍ଷାନୁଷ୍ଠାନରେ ନାମ ଲେଖା ପାଇଁ ବିଦ୍ୟାର୍ଥୀଙ୍କ ଠାରୁ ଅଧିକ ଟଙ୍କା ଆଦାୟ କରାଯାଉଛି ବୋଲି ଅଭିଯୋଗ ହୋଇଛି । ସରକାରୀ ନିୟମକୁ ଫୁ' କରି ଏହା ଚାଲିଛି । ଅଭିଭାବକମାନେ ଏଥିରେ ଅସନ୍ତୋଷ ପ୍ରକାଶ କରିଛନ୍ତି ଓ ପ୍ରଶାସନ ଏ ଦିଗରେ ତୁରନ୍ତ ପଦକ୍ଷେପ ନେବା ପାଇଁ ଦାବି କରିଛନ୍ତି । ଶିକ୍ଷାନୁଷ୍ଠାନରେ ନାମ ଲେଖା ପାଇଁ ବିଦ୍ୟାର୍ଥୀଙ୍କ ଠାରୁ ଅଧିକ ଟଙ୍କା ଆଦାୟ କରାଯାଉଛି ବୋଲି ଅଭିଯୋଗ ହୋଇଛି । ସରକାରୀ ନିୟମକୁ ଫୁ' କରି ଏହା ଚାଲିଛି । ଅଭିଭାବକମାନେ ଏଥିରେ ଅସନ୍ତୋଷ ପ୍ରକାଶ କରିଛନ୍ତି ଓ ପ୍ରଶାସନ ଏ ଦିଗରେ ତୁରନ୍ତ ପଦକ୍ଷେପ ନେବା ପାଇଁ ଦାବି କରିଛନ୍ତି । ଶିକ୍ଷାନୁଷ୍ଠାନରେ ନାମ ଲେଖା ପାଇଁ ବିଦ୍ୟାର୍ଥୀଙ୍କ ଠାରୁ ଅଧିକ ଟଙ୍କା ଆଦାୟ କରାଯାଉଛି ବୋଲି ଅଭିଯୋଗ ହୋଇଛି । ସରକାରୀ ନିୟମକୁ ଫୁ' କରି ଏହା ଚାଲିଛି । ଅଭିଭାବକମାନେ ଏଥିରେ ଅସନ୍ତୋଷ ପ୍ରକାଶ କରିଛନ୍ତି

ଶିକ୍ଷାନୁଷ୍ଠାନରେ ନାମ ଲେଖା ପାଇଁ ବିଦ୍ୟାର୍ଥୀଙ୍କ ଠାରୁ ଅଧିକ ଟଙ୍କା ଆଦାୟ କରାଯାଉଛି ବୋଲି ଅଭିଯୋଗ ହୋଇଛି । ସରକାରୀ ନିୟମକୁ ଫୁ' କରି ଏହା ଚାଲିଛି । ଅଭିଭାବକମାନେ ଏଥିରେ ଅସନ୍ତୋଷ ପ୍ରକାଶ କରିଛନ୍ତି ଓ ପ୍ରଶାସନ ଏ ଦିଗରେ ତୁରନ୍ତ ପଦକ୍ଷେପ ନେବା ପାଇଁ ଦାବି କରିଛନ୍ତି । ଶିକ୍ଷାନୁଷ୍ଠାନରେ ନାମ ଲେଖା ପାଇଁ ବିଦ୍ୟାର୍ଥୀଙ୍କ ଠାରୁ ଅଧିକ ଟଙ୍କା ଆଦାୟ କରାଯାଉଛି ବୋଲି ଅଭିଯୋଗ ହୋଇଛି । ସରକାରୀ ନିୟମକୁ ଫୁ' କରି ଏହା ଚାଲିଛି । ଅଭିଭାବକମାନେ ଏଥିରେ ଅସନ୍ତୋଷ ପ୍ରକାଶ କରିଛନ୍ତି ଓ ପ୍ରଶାସନ ଏ ଦିଗରେ ତୁରନ୍ତ ପଦକ୍ଷେପ ନେବା ପାଇଁ ଦାବି କରିଛନ୍ତି । ଶିକ୍ଷାନୁଷ୍ଠାନରେ ନାମ ଲେଖା ପାଇଁ ବିଦ୍ୟାର୍ଥୀଙ୍କ ଠାରୁ ଅଧିକ ଟଙ୍କା ଆଦାୟ କରାଯାଉଛି ବୋଲି ଅଭିଯୋଗ ହୋଇଛି । ସରକାରୀ ନିୟମକୁ ଫୁ' କରି ଏହା ଚାଲିଛି । ଅଭିଭାବକମାନେ ଏଥିରେ
